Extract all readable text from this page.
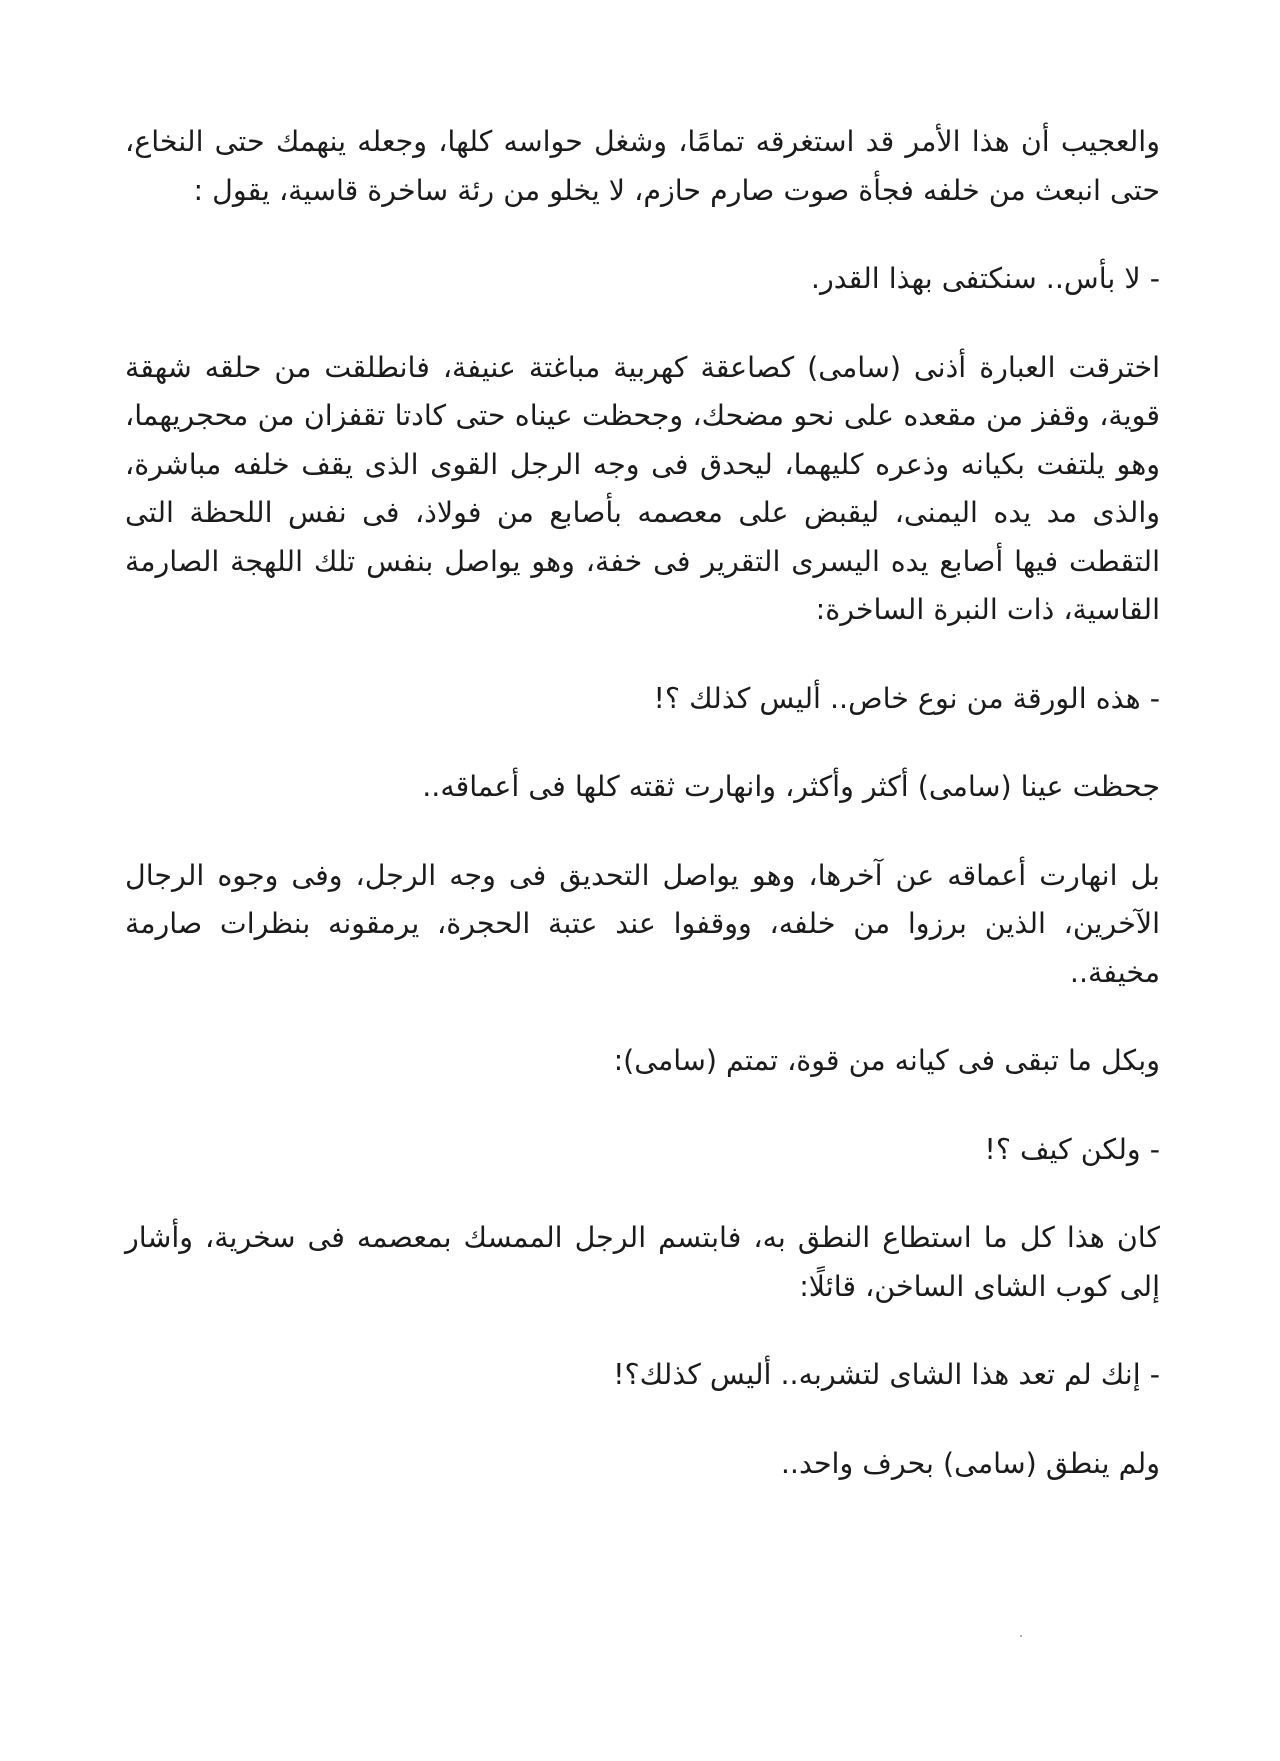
والعجيب أن هذا الأمر قد استغرقه تمامًا، وشغل حواسه كلها، وجعله ينهمك حتى النخاع، حتى انبعث من خلفه فجأة صوت صارم حازم، لا يخلو من رئة ساخرة قاسية، يقول :

- لا بأس.. سنكتفى بهذا القدر.

اخترقت العبارة أذنى (سامى) كصاعقة كهربية مباغتة عنيفة، فانطلقت من حلقه شهقة قوية، وقفز من مقعده على نحو مضحك، وجحظت عيناه حتى كادتا تقفزان من محجريهما، وهو يلتفت بكيانه وذعره كليهما، ليحدق فى وجه الرجل القوى الذى يقف خلفه مباشرة، والذى مد يده اليمنى، ليقبض على معصمه بأصابع من فولاذ، فى نفس اللحظة التى التقطت فيها أصابع يده اليسرى التقرير فى خفة، وهو يواصل بنفس تلك اللهجة الصارمة القاسية، ذات النبرة الساخرة:

- هذه الورقة من نوع خاص.. أليس كذلك ؟!

جحظت عينا (سامى) أكثر وأكثر، وانهارت ثقته كلها فى أعماقه..

بل انهارت أعماقه عن آخرها، وهو يواصل التحديق فى وجه الرجل، وفى وجوه الرجال الآخرين، الذين برزوا من خلفه، ووقفوا عند عتبة الحجرة، يرمقونه بنظرات صارمة مخيفة..

وبكل ما تبقى فى كيانه من قوة، تمتم (سامى):

- ولكن كيف ؟!

كان هذا كل ما استطاع النطق به، فابتسم الرجل الممسك بمعصمه فى سخرية، وأشار إلى كوب الشاى الساخن، قائلًا:

- إنك لم تعد هذا الشاى لتشربه.. أليس كذلك؟!

ولم ينطق (سامى) بحرف واحد..
